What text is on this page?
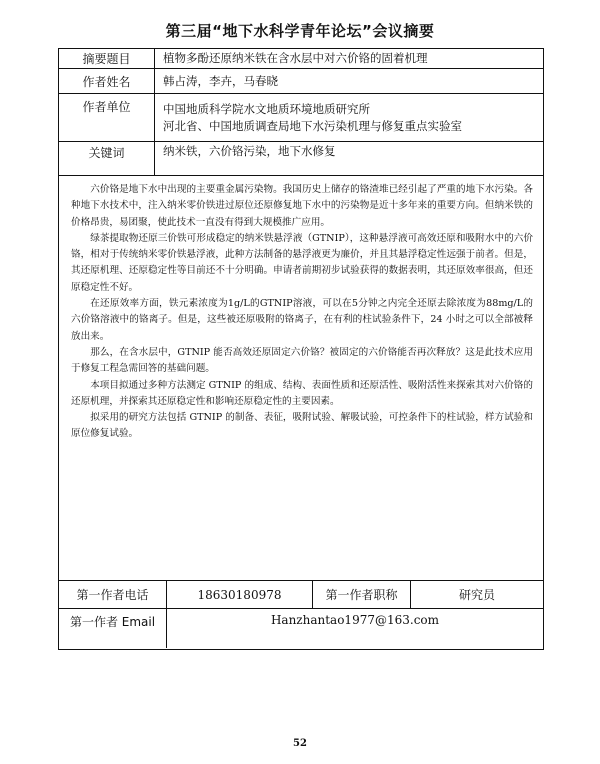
第三届“地下水科学青年论坛”会议摘要
摘要题目	植物多酚还原纳米铁在含水层中对六价铬的固着机理
作者姓名	韩占涛，李卉，马春晓
作者单位	中国地质科学院水文地质环境地质研究所
河北省、中国地质调查局地下水污染机理与修复重点实验室
关键词	纳米铁，六价铬污染，地下水修复

六价铬是地下水中出现的主要重金属污染物。我国历史上储存的铬渣堆已经引起了严重的地下水污染。各种地下水技术中，注入纳米零价铁进过原位还原修复地下水中的污染物是近十多年来的重要方向。但纳米铁的价格昂贵，易团聚，使此技术一直没有得到大规模推广应用。

绿茶提取物还原三价铁可形成稳定的纳米铁悬浮液（GTNIP），这种悬浮液可高效还原和吸附水中的六价铬，相对于传统纳米零价铁悬浮液，此种方法制备的悬浮液更为廉价，并且其悬浮稳定性远强于前者。但是，其还原机理、还原稳定性等目前还不十分明确。申请者前期初步试验获得的数据表明，其还原效率很高，但还原稳定性不好。

在还原效率方面，铁元素浓度为1g/L的GTNIP溶液，可以在5分钟之内完全还原去除浓度为88mg/L的六价铬溶液中的铬离子。但是，这些被还原吸附的铬离子，在有利的柱试验条件下，24 小时之可以全部被释放出来。

那么，在含水层中，GTNIP 能否高效还原固定六价铬？被固定的六价铬能否再次释放？这是此技术应用于修复工程急需回答的基础问题。

本项目拟通过多种方法测定 GTNIP 的组成、结构、表面性质和还原活性、吸附活性来探索其对六价铬的还原机理，并探索其还原稳定性和影响还原稳定性的主要因素。

拟采用的研究方法包括 GTNIP 的制备、表征，吸附试验、解吸试验，可控条件下的柱试验，样方试验和原位修复试验。

第一作者电话	18630180978	第一作者职称	研究员
第一作者 Email	Hanzhantao1977@163.com
52
